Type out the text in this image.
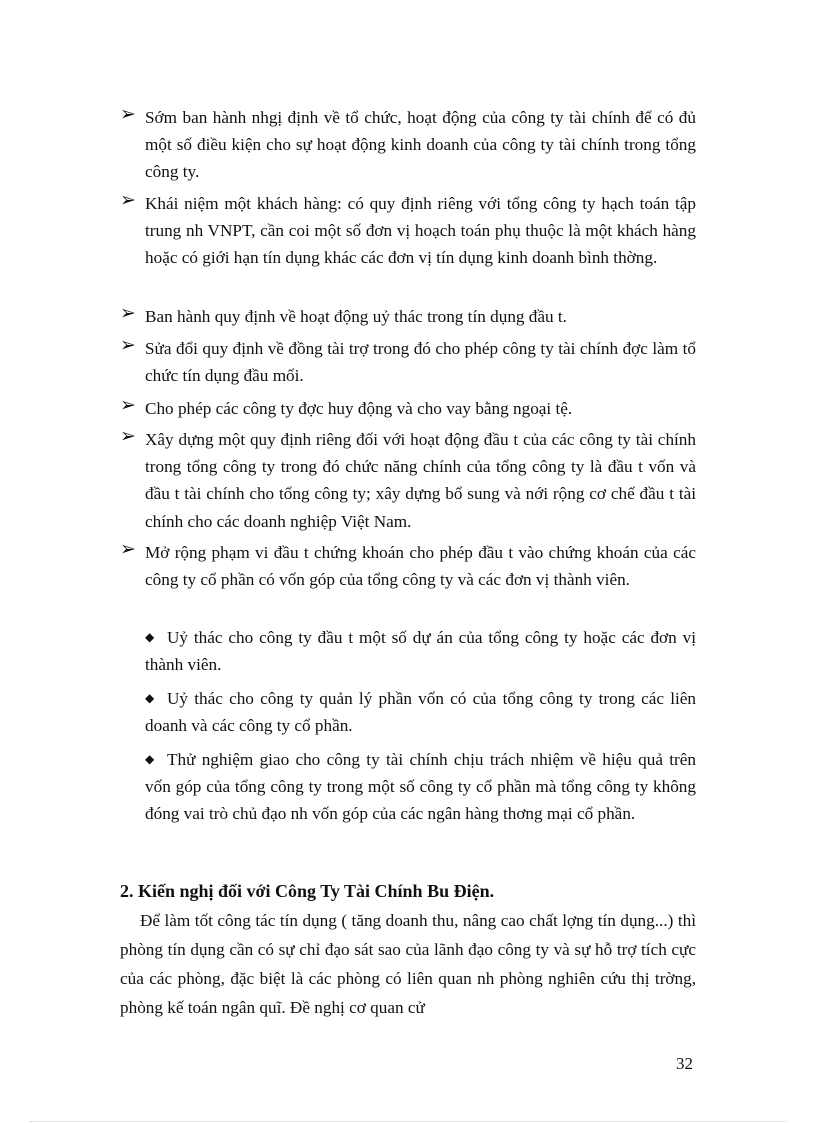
➢ Sớm ban hành nhgị định về tổ chức, hoạt động của công ty tài chính để có đủ một số điều kiện cho sự hoạt động kinh doanh của công ty tài chính trong tổng công ty.
➢ Khái niệm một khách hàng: có quy định riêng với tổng công ty hạch toán tập trung nh VNPT, cần coi một số đơn vị hoạch toán phụ thuộc là một khách hàng hoặc có giới hạn tín dụng khác các đơn vị tín dụng kinh doanh bình thờng.
➢ Ban hành quy định về hoạt động uỷ thác trong tín dụng đầu t.
➢ Sửa đổi quy định về đồng tài trợ trong đó cho phép công ty tài chính đợc làm tổ chức tín dụng đầu mối.
➢ Cho phép các công ty đợc huy động và cho vay bằng ngoại tệ.
➢ Xây dựng một quy định riêng đối với hoạt động đầu t của các công ty tài chính trong tổng công ty trong đó chức năng chính của tổng công ty là đầu t vốn và đầu t tài chính cho tổng công ty; xây dựng bổ sung và nới rộng cơ chế đầu t tài chính cho các doanh nghiệp Việt Nam.
➢ Mở rộng phạm vi đầu t chứng khoán cho phép đầu t vào chứng khoán của các công ty cổ phần có vốn góp của tổng công ty và các đơn vị thành viên.
◆ Uỷ thác cho công ty đầu t một số dự án của tổng công ty hoặc các đơn vị thành viên.
◆ Uỷ thác cho công ty quản lý phần vốn có của tổng công ty trong các liên doanh và các công ty cổ phần.
◆ Thử nghiệm giao cho công ty tài chính chịu trách nhiệm về hiệu quả trên vốn góp của tổng công ty trong một số công ty cổ phần mà tổng công ty không đóng vai trò chủ đạo nh vốn góp của các ngân hàng thơng mại cổ phần.
2. Kiến nghị đối với Công Ty Tài Chính Bu Điện.
Để làm tốt công tác tín dụng ( tăng doanh thu, nâng cao chất lợng tín dụng...) thì phòng tín dụng cần có sự chỉ đạo sát sao của lãnh đạo công ty và sự hỗ trợ tích cực của các phòng, đặc biệt là các phòng có liên quan nh phòng nghiên cứu thị trờng, phòng kế toán ngân quĩ. Đề nghị cơ quan cử
32
